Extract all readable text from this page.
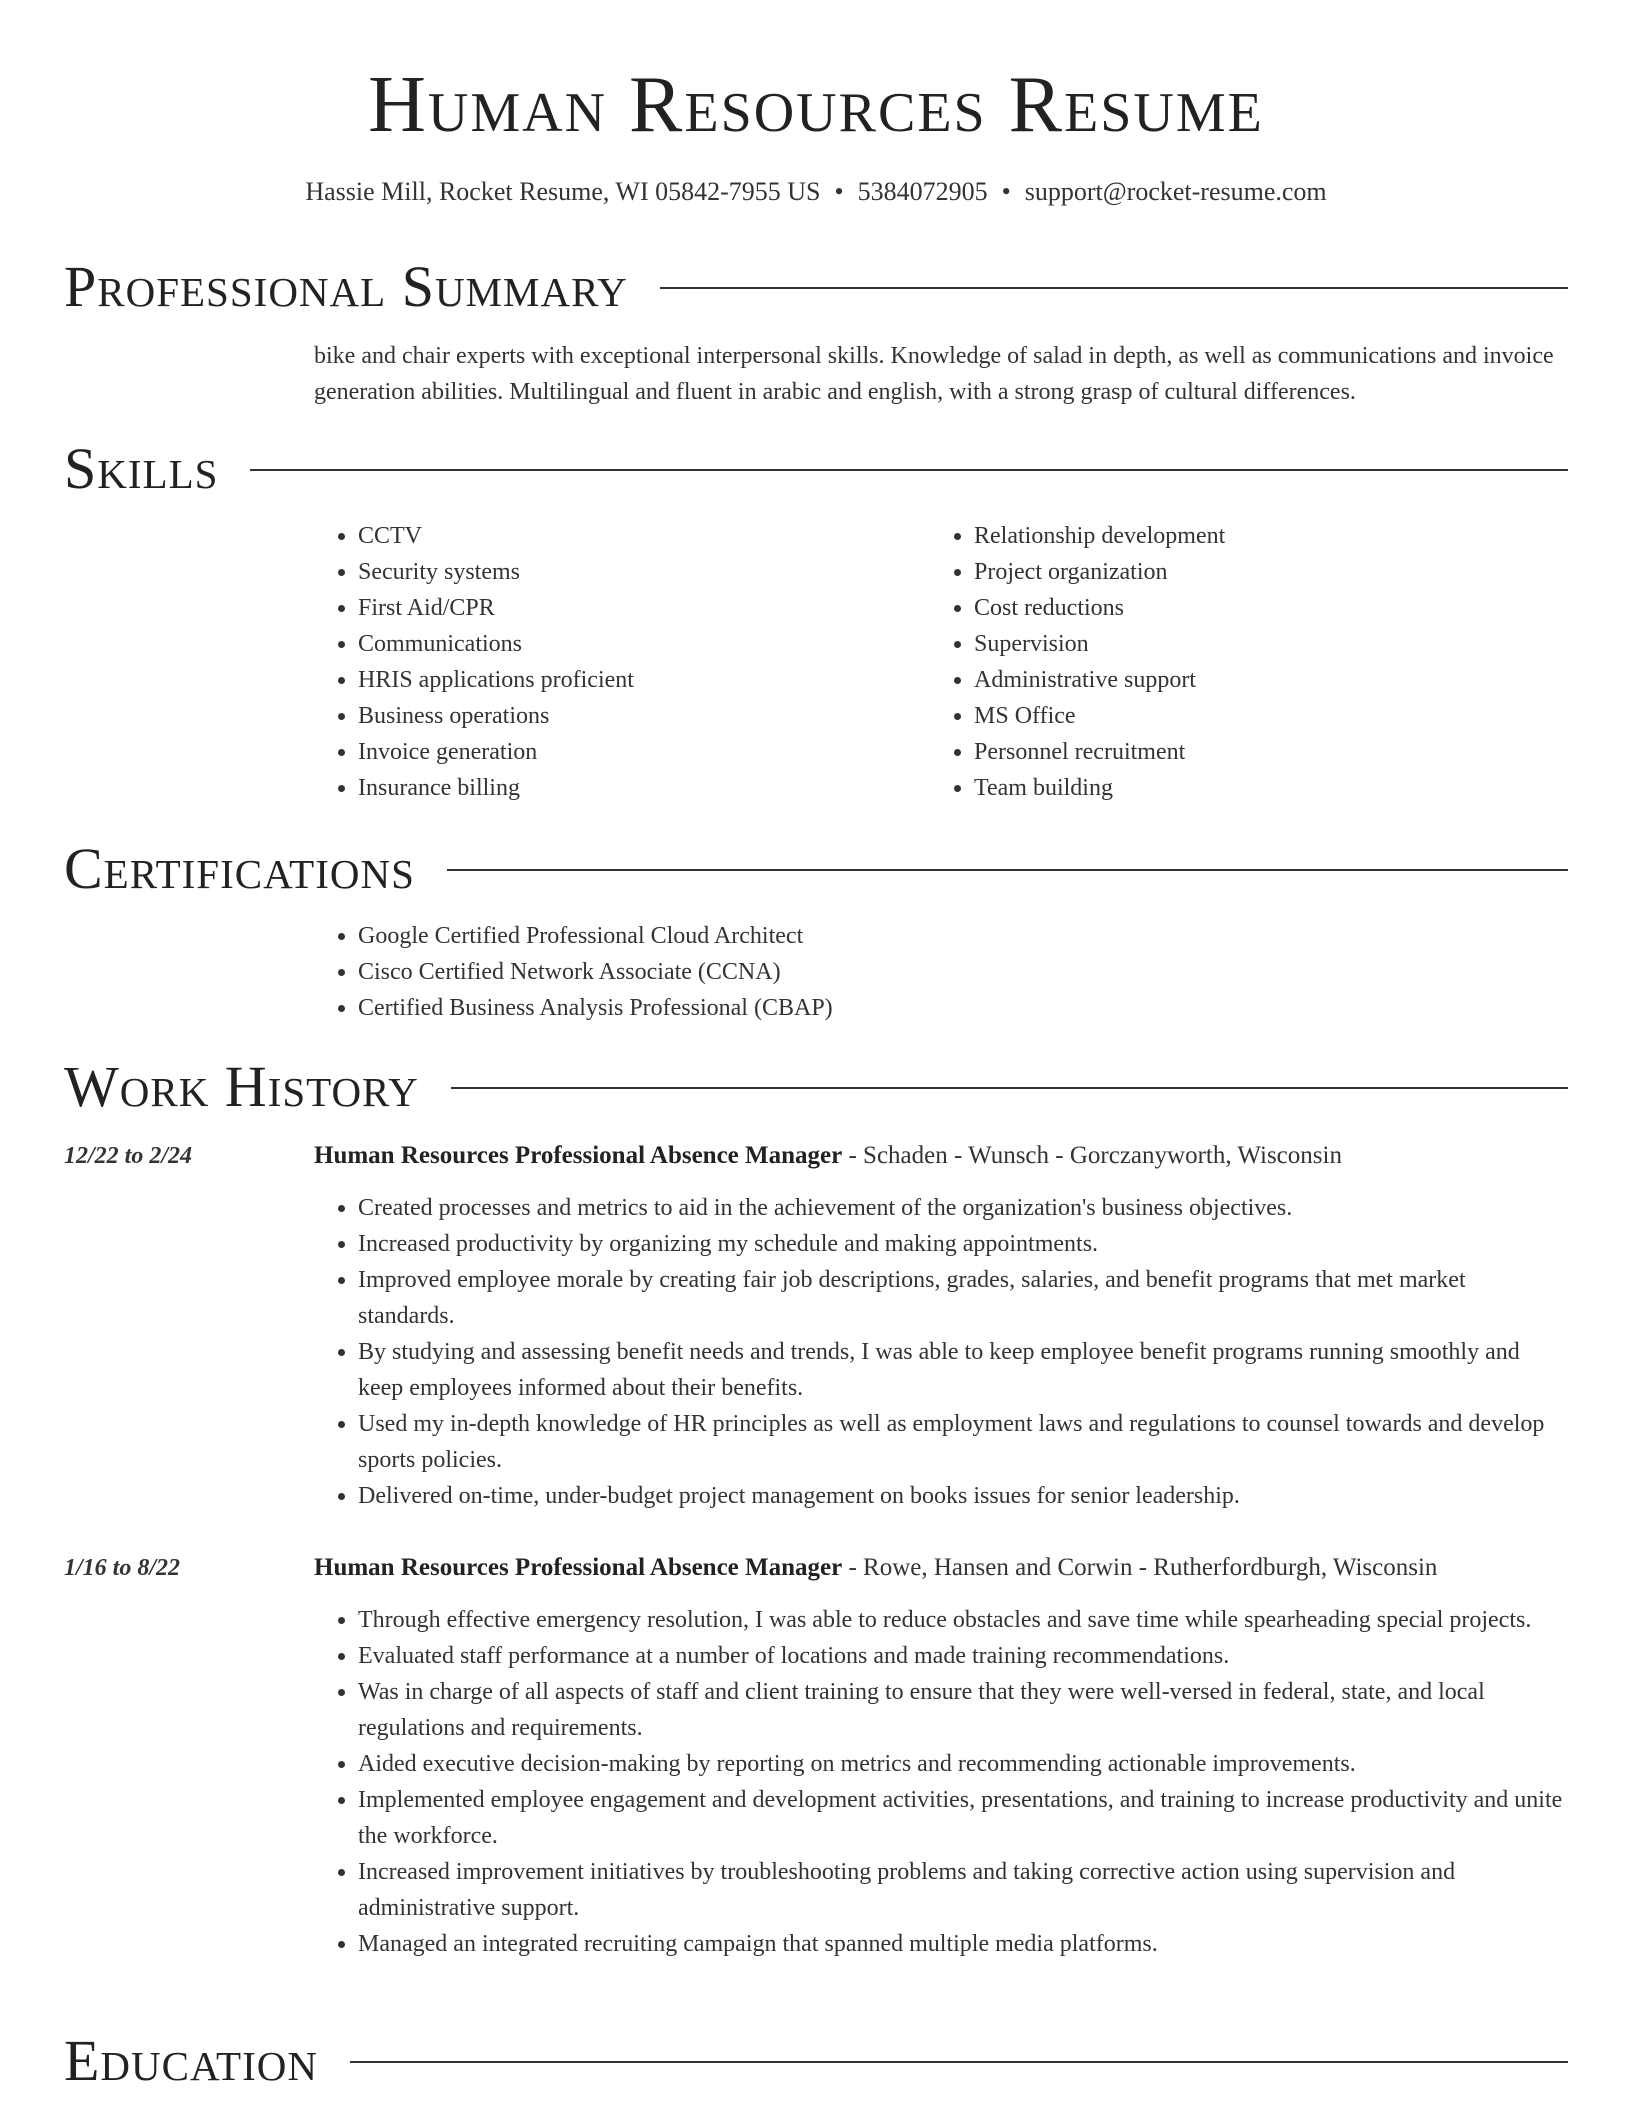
Human Resources Resume
Hassie Mill, Rocket Resume, WI 05842-7955 US • 5384072905 • support@rocket-resume.com
Professional Summary
bike and chair experts with exceptional interpersonal skills. Knowledge of salad in depth, as well as communications and invoice generation abilities. Multilingual and fluent in arabic and english, with a strong grasp of cultural differences.
Skills
• CCTV
• Security systems
• First Aid/CPR
• Communications
• HRIS applications proficient
• Business operations
• Invoice generation
• Insurance billing
• Relationship development
• Project organization
• Cost reductions
• Supervision
• Administrative support
• MS Office
• Personnel recruitment
• Team building
Certifications
• Google Certified Professional Cloud Architect
• Cisco Certified Network Associate (CCNA)
• Certified Business Analysis Professional (CBAP)
Work History
12/22 to 2/24	Human Resources Professional Absence Manager - Schaden - Wunsch - Gorczanyworth, Wisconsin
• Created processes and metrics to aid in the achievement of the organization's business objectives.
• Increased productivity by organizing my schedule and making appointments.
• Improved employee morale by creating fair job descriptions, grades, salaries, and benefit programs that met market standards.
• By studying and assessing benefit needs and trends, I was able to keep employee benefit programs running smoothly and keep employees informed about their benefits.
• Used my in-depth knowledge of HR principles as well as employment laws and regulations to counsel towards and develop sports policies.
• Delivered on-time, under-budget project management on books issues for senior leadership.
1/16 to 8/22	Human Resources Professional Absence Manager - Rowe, Hansen and Corwin - Rutherfordburgh, Wisconsin
• Through effective emergency resolution, I was able to reduce obstacles and save time while spearheading special projects.
• Evaluated staff performance at a number of locations and made training recommendations.
• Was in charge of all aspects of staff and client training to ensure that they were well-versed in federal, state, and local regulations and requirements.
• Aided executive decision-making by reporting on metrics and recommending actionable improvements.
• Implemented employee engagement and development activities, presentations, and training to increase productivity and unite the workforce.
• Increased improvement initiatives by troubleshooting problems and taking corrective action using supervision and administrative support.
• Managed an integrated recruiting campaign that spanned multiple media platforms.
Education
